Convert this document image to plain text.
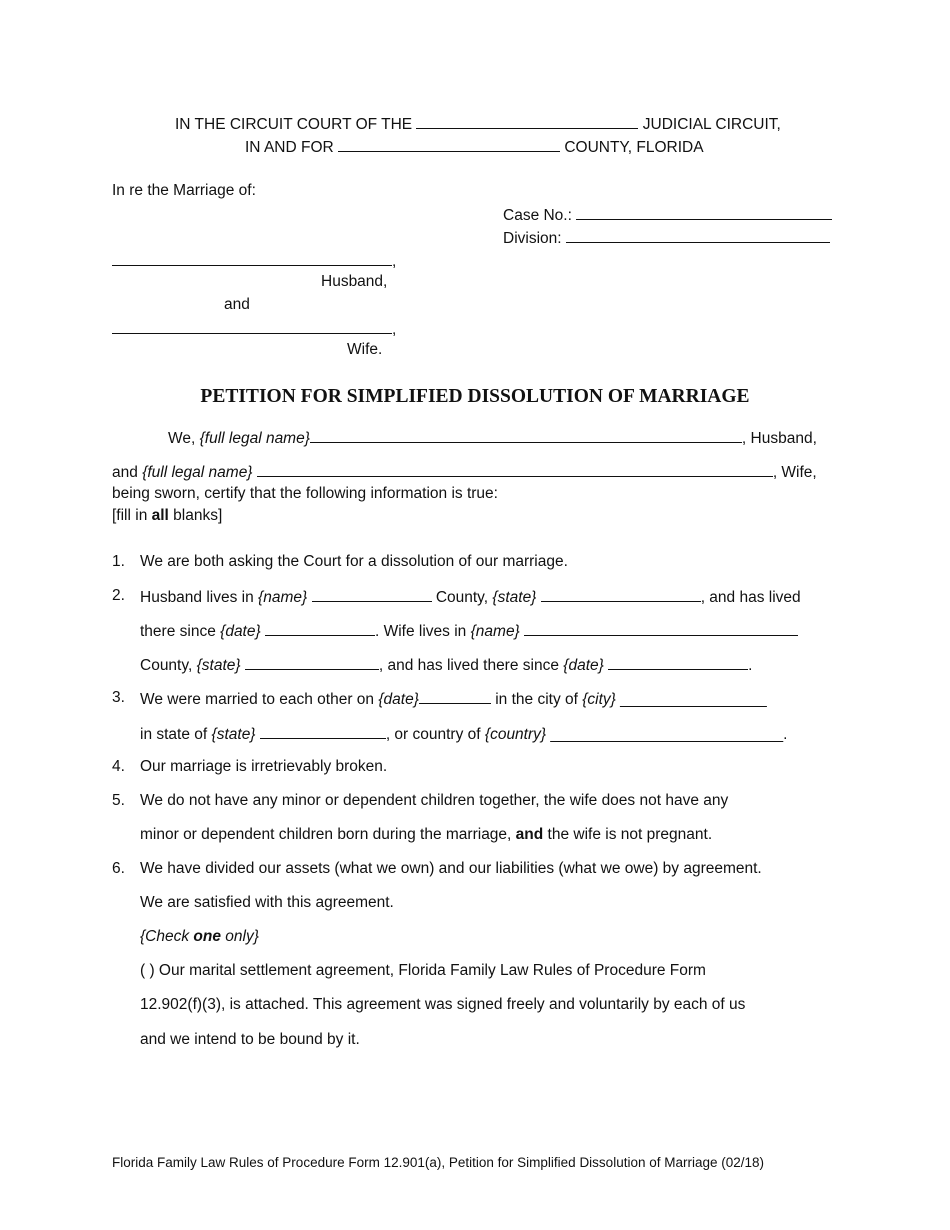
IN THE CIRCUIT COURT OF THE	JUDICIAL CIRCUIT,
IN AND FOR	COUNTY, FLORIDA
In re the Marriage of:
Case No.:
Division:
,
Husband,
and
,
Wife.
PETITION FOR SIMPLIFIED DISSOLUTION OF MARRIAGE
We, {full legal name}	, Husband,
and {full legal name}	, Wife,
being sworn, certify that the following information is true:
[fill in all blanks]
1. We are both asking the Court for a dissolution of our marriage.
2. Husband lives in {name}	County, {state}	, and has lived
there since {date}	. Wife lives in {name}
County, {state}	, and has lived there since {date}	.
3. We were married to each other on {date}	in the city of {city} _________________
in state of {state}	, or country of {country} ___________________________.
4. Our marriage is irretrievably broken.
5. We do not have any minor or dependent children together, the wife does not have any
minor or dependent children born during the marriage, and the wife is not pregnant.
6. We have divided our assets (what we own) and our liabilities (what we owe) by agreement.
We are satisfied with this agreement.
{Check one only}
( ) Our marital settlement agreement, Florida Family Law Rules of Procedure Form
12.902(f)(3), is attached. This agreement was signed freely and voluntarily by each of us
and we intend to be bound by it.
Florida Family Law Rules of Procedure Form 12.901(a), Petition for Simplified Dissolution of Marriage (02/18)
